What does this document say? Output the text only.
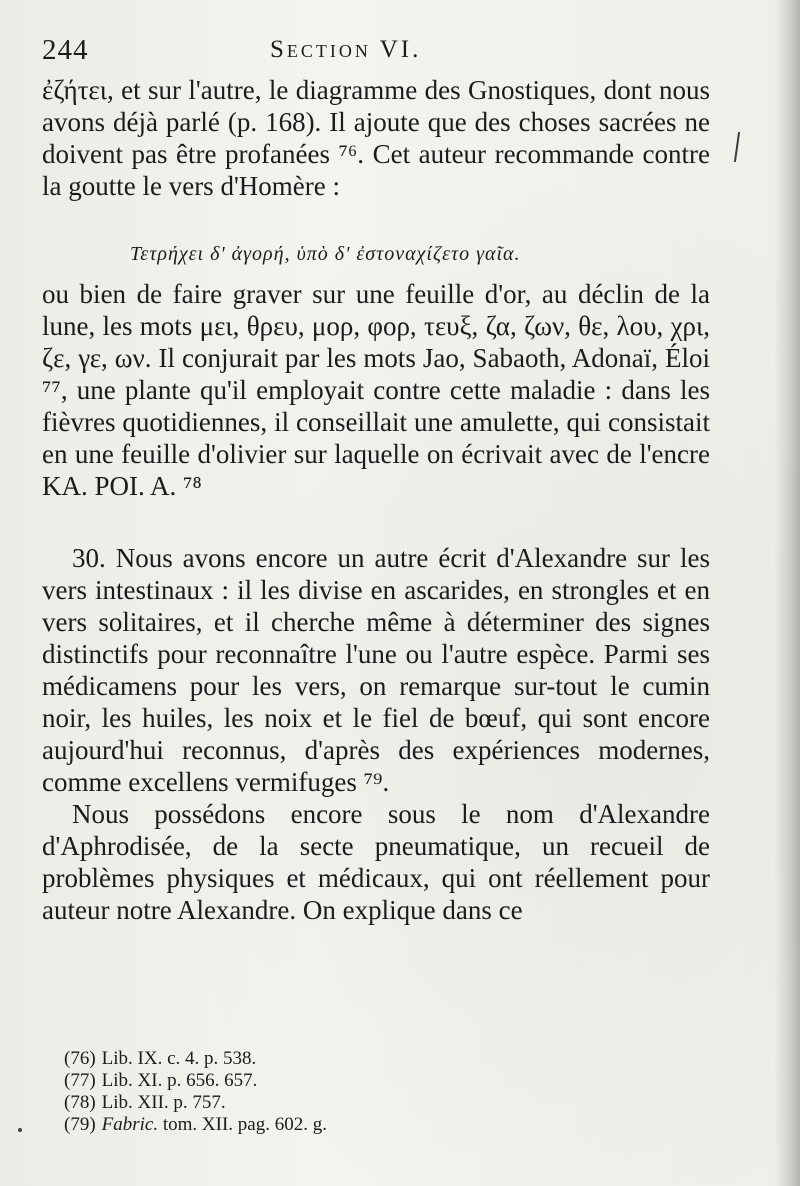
244	Section VI.

ἐζήτει, et sur l'autre, le diagramme des Gnostiques, dont nous avons déjà parlé (p. 168). Il ajoute que des choses sacrées ne doivent pas être profanées ⁷⁶. Cet auteur recommande contre la goutte le vers d'Homère :

Τετρήχει δ' ἀγορή, ὑπὸ δ' ἐστοναχίζετο γαῖα.

ou bien de faire graver sur une feuille d'or, au déclin de la lune, les mots μει, θρευ, μορ, φορ, τευξ, ζα, ζων, θε, λου, χρι, ζε, γε, ων. Il conjurait par les mots Jao, Sabaoth, Adonaï, Éloi ⁷⁷, une plante qu'il employait contre cette maladie : dans les fièvres quotidiennes, il conseillait une amulette, qui consistait en une feuille d'olivier sur laquelle on écrivait avec de l'encre KA. POI. A. ⁷⁸

30. Nous avons encore un autre écrit d'Alexandre sur les vers intestinaux : il les divise en ascarides, en strongles et en vers solitaires, et il cherche même à déterminer des signes distinctifs pour reconnaître l'une ou l'autre espèce. Parmi ses médicamens pour les vers, on remarque sur-tout le cumin noir, les huiles, les noix et le fiel de bœuf, qui sont encore aujourd'hui reconnus, d'après des expériences modernes, comme excellens vermifuges ⁷⁹.

Nous possédons encore sous le nom d'Alexandre d'Aphrodisée, de la secte pneumatique, un recueil de problèmes physiques et médicaux, qui ont réellement pour auteur notre Alexandre. On explique dans ce

(76) Lib. IX. c. 4. p. 538.
(77) Lib. XI. p. 656. 657.
(78) Lib. XII. p. 757.
(79) Fabric. tom. XII. pag. 602. g.
